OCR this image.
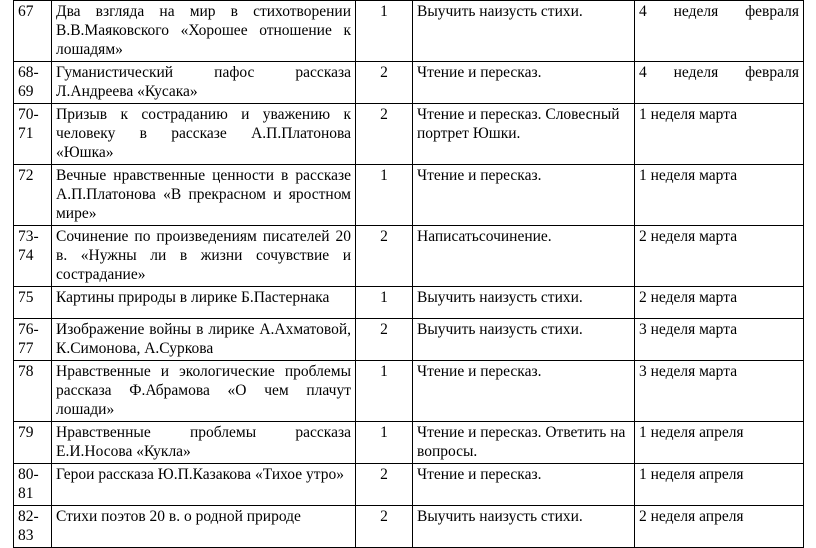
67	Два взгляда на мир в стихотворении В.В.Маяковского «Хорошее отношение к лошадям»	1	Выучить наизусть стихи.	4 неделя февраля
68-69	Гуманистический пафос рассказа Л.Андреева «Кусака»	2	Чтение и пересказ.	4 неделя февраля
70-71	Призыв к состраданию и уважению к человеку в рассказе А.П.Платонова «Юшка»	2	Чтение и пересказ. Словесный портрет Юшки.	1 неделя марта
72	Вечные нравственные ценности в рассказе А.П.Платонова «В прекрасном и яростном мире»	1	Чтение и пересказ.	1 неделя марта
73-74	Сочинение по произведениям писателей 20 в. «Нужны ли в жизни сочувствие и сострадание»	2	Написатьсочинение.	2 неделя марта
75	Картины природы в лирике Б.Пастернака	1	Выучить наизусть стихи.	2 неделя марта
76-77	Изображение войны в лирике А.Ахматовой, К.Симонова, А.Суркова	2	Выучить наизусть стихи.	3 неделя марта
78	Нравственные и экологические проблемы рассказа Ф.Абрамова «О чем плачут лошади»	1	Чтение и пересказ.	3 неделя марта
79	Нравственные проблемы рассказа Е.И.Носова «Кукла»	1	Чтение и пересказ. Ответить на вопросы.	1 неделя апреля
80-81	Герои рассказа Ю.П.Казакова «Тихое утро»	2	Чтение и пересказ.	1 неделя апреля
82-83	Стихи поэтов 20 в. о родной природе	2	Выучить наизусть стихи.	2 неделя апреля
